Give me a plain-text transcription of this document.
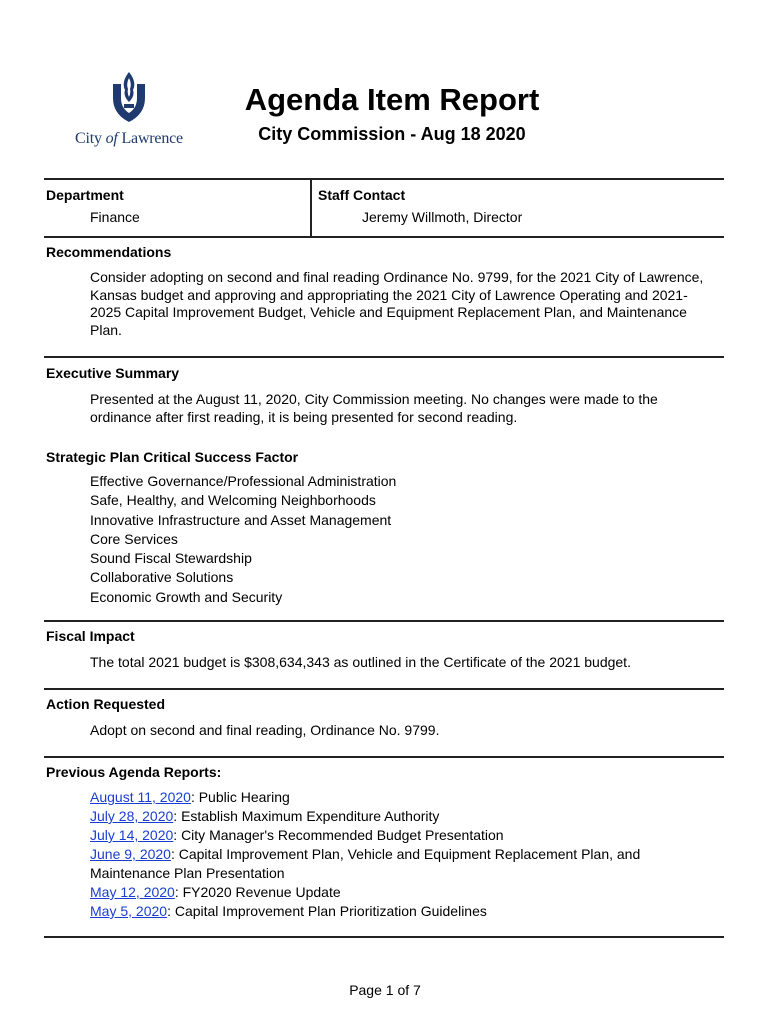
City of Lawrence
Agenda Item Report
City Commission - Aug 18 2020
Department
Finance
Staff Contact
Jeremy Willmoth, Director
Recommendations
Consider adopting on second and final reading Ordinance No. 9799, for the 2021 City of Lawrence, Kansas budget and approving and appropriating the 2021 City of Lawrence Operating and 2021-2025 Capital Improvement Budget, Vehicle and Equipment Replacement Plan, and Maintenance Plan.
Executive Summary
Presented at the August 11, 2020, City Commission meeting. No changes were made to the ordinance after first reading, it is being presented for second reading.
Strategic Plan Critical Success Factor
Effective Governance/Professional Administration
Safe, Healthy, and Welcoming Neighborhoods
Innovative Infrastructure and Asset Management
Core Services
Sound Fiscal Stewardship
Collaborative Solutions
Economic Growth and Security
Fiscal Impact
The total 2021 budget is $308,634,343 as outlined in the Certificate of the 2021 budget.
Action Requested
Adopt on second and final reading, Ordinance No. 9799.
Previous Agenda Reports:
August 11, 2020: Public Hearing
July 28, 2020: Establish Maximum Expenditure Authority
July 14, 2020: City Manager's Recommended Budget Presentation
June 9, 2020: Capital Improvement Plan, Vehicle and Equipment Replacement Plan, and Maintenance Plan Presentation
May 12, 2020: FY2020 Revenue Update
May 5, 2020: Capital Improvement Plan Prioritization Guidelines
Page 1 of 7
